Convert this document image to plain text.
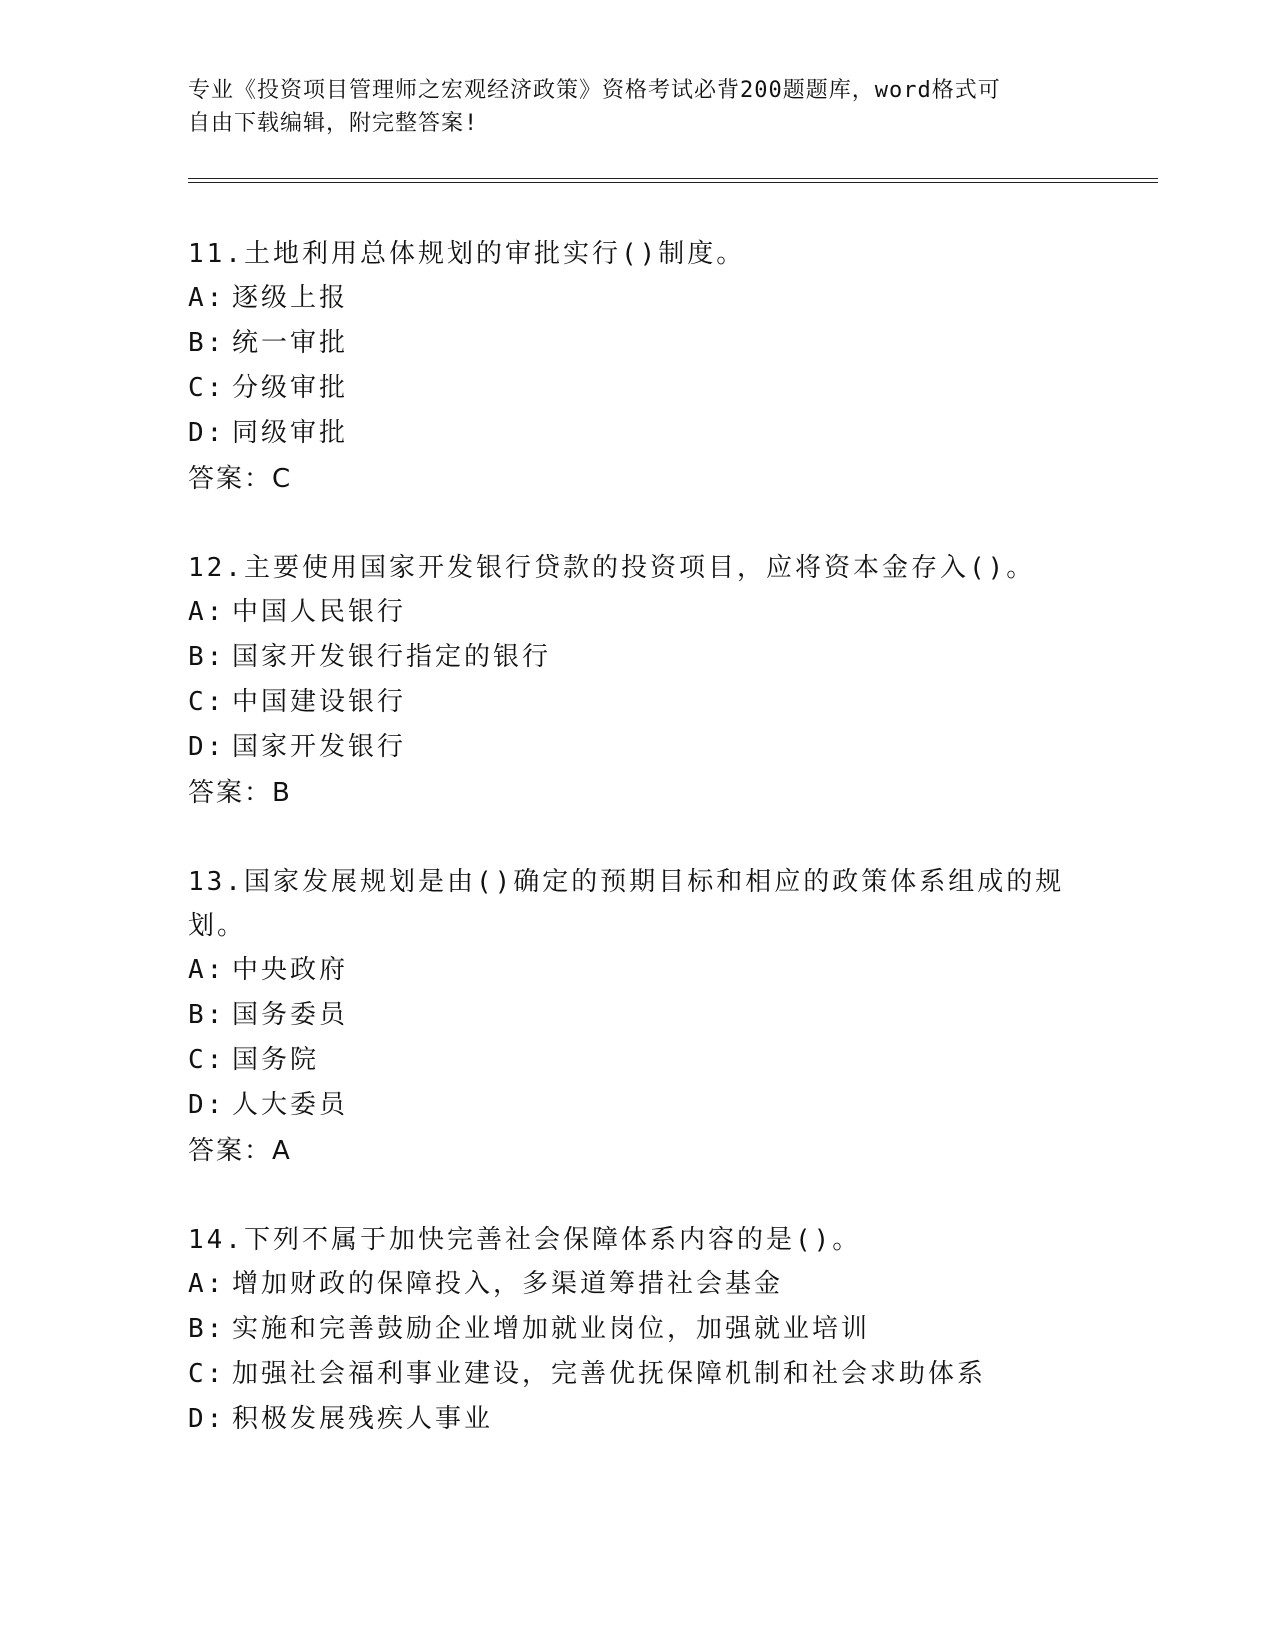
专业《投资项目管理师之宏观经济政策》资格考试必背200题题库，word格式可
自由下载编辑，附完整答案!
11.土地利用总体规划的审批实行()制度。
A: 逐级上报
B: 统一审批
C: 分级审批
D: 同级审批
答案：C
12.主要使用国家开发银行贷款的投资项目，应将资本金存入()。
A: 中国人民银行
B: 国家开发银行指定的银行
C: 中国建设银行
D: 国家开发银行
答案：B
13.国家发展规划是由()确定的预期目标和相应的政策体系组成的规划。
A: 中央政府
B: 国务委员
C: 国务院
D: 人大委员
答案：A
14.下列不属于加快完善社会保障体系内容的是()。
A: 增加财政的保障投入，多渠道筹措社会基金
B: 实施和完善鼓励企业增加就业岗位，加强就业培训
C: 加强社会福利事业建设，完善优抚保障机制和社会求助体系
D: 积极发展残疾人事业
